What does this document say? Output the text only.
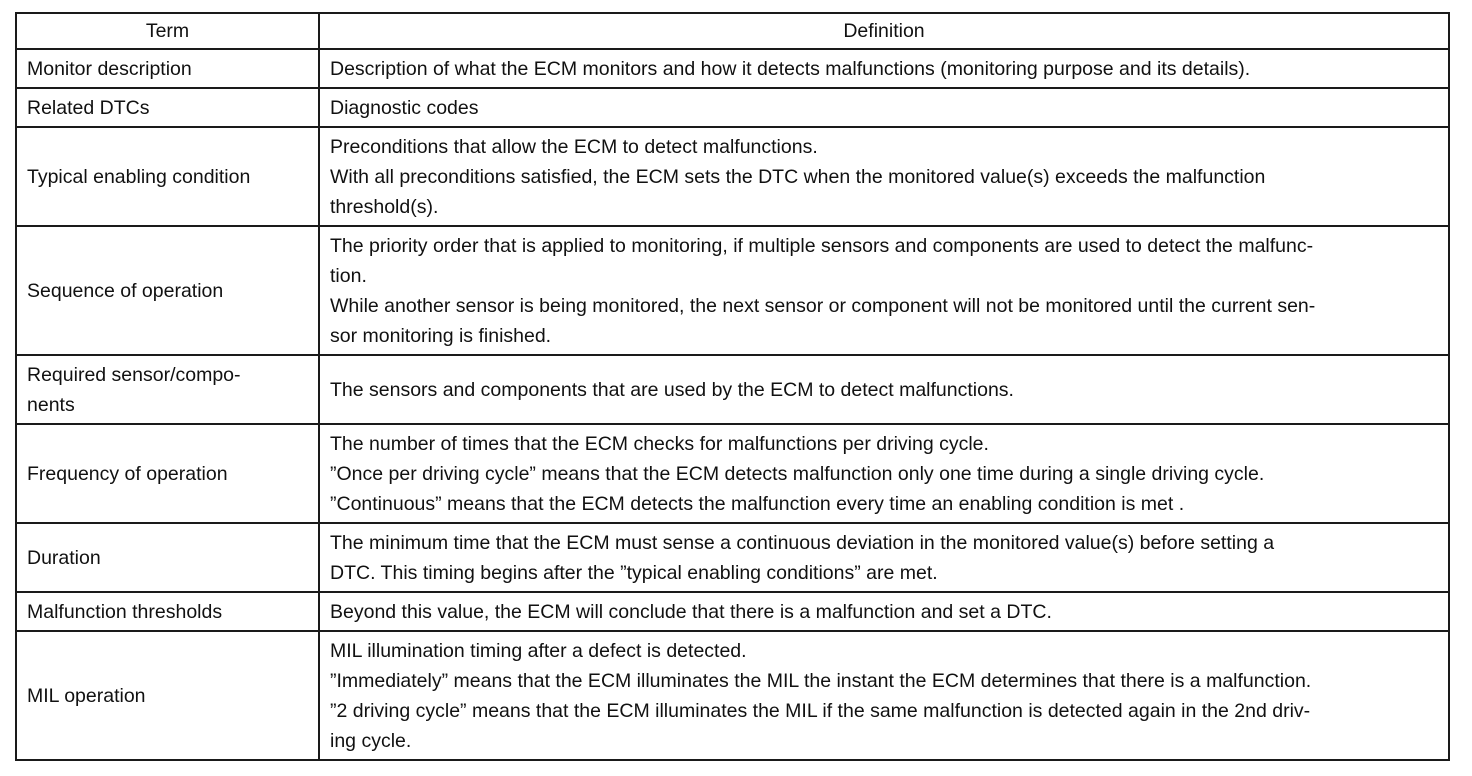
Term	Definition

Monitor description	Description of what the ECM monitors and how it detects malfunctions (monitoring purpose and its details).

Related DTCs	Diagnostic codes

Typical enabling condition	Preconditions that allow the ECM to detect malfunctions.
With all preconditions satisfied, the ECM sets the DTC when the monitored value(s) exceeds the malfunction
threshold(s).

Sequence of operation	The priority order that is applied to monitoring, if multiple sensors and components are used to detect the malfunc-
tion.
While another sensor is being monitored, the next sensor or component will not be monitored until the current sen-
sor monitoring is finished.

Required sensor/compo-
nents	The sensors and components that are used by the ECM to detect malfunctions.

Frequency of operation	The number of times that the ECM checks for malfunctions per driving cycle.
”Once per driving cycle” means that the ECM detects malfunction only one time during a single driving cycle.
”Continuous” means that the ECM detects the malfunction every time an enabling condition is met .

Duration	The minimum time that the ECM must sense a continuous deviation in the monitored value(s) before setting a
DTC. This timing begins after the ”typical enabling conditions” are met.

Malfunction thresholds	Beyond this value, the ECM will conclude that there is a malfunction and set a DTC.

MIL operation	MIL illumination timing after a defect is detected.
”Immediately” means that the ECM illuminates the MIL the instant the ECM determines that there is a malfunction.
”2 driving cycle” means that the ECM illuminates the MIL if the same malfunction is detected again in the 2nd driv-
ing cycle.
